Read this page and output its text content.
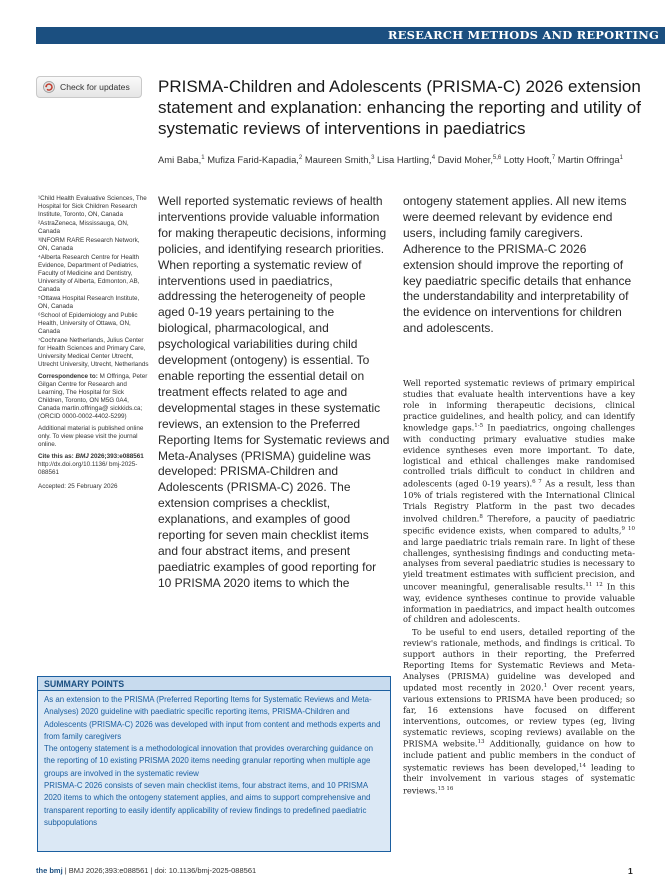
RESEARCH METHODS AND REPORTING
Check for updates PRISMA-Children and Adolescents (PRISMA-C) 2026 extension statement and explanation: enhancing the reporting and utility of systematic reviews of interventions in paediatrics
Ami Baba,$^1$ Mufiza Farid-Kapadia,$^2$ Maureen Smith,$^3$ Lisa Hartling,$^4$ David Moher,$^{5,6}$ Lotty Hooft,$^7$ Martin Offringa$^1$

¹Child Health Evaluative Sciences, The Hospital for Sick Children Research Institute, Toronto, ON, Canada

²AstraZeneca, Mississauga, ON, Canada

³INFORM RARE Research Network, ON, Canada

⁴Alberta Research Centre for Health Evidence, Department of Pediatrics, Faculty of Medicine and Dentistry, University of Alberta, Edmonton, AB, Canada

⁵Ottawa Hospital Research Institute, ON, Canada

⁶School of Epidemiology and Public Health, University of Ottawa, ON, Canada

⁷Cochrane Netherlands, Julius Center for Health Sciences and Primary Care, University Medical Center Utrecht, Utrecht University, Utrecht, Netherlands

Correspondence to: M Offringa, Peter Gilgan Centre for Research and Learning, The Hospital for Sick Children, Toronto, ON M5G 0A4, Canada martin.offringa@ sickkids.ca;
(ORCID 0000-0002-4402-5299)

Additional material is published online only. To view please visit the journal online.

Cite this as: BMJ 2026;393:e088561
http://dx.doi.org/10.1136/ bmj-2025-088561

Accepted: 25 February 2026

Well reported systematic reviews of health interventions provide valuable information for making therapeutic decisions, informing policies, and identifying research priorities. When reporting a systematic review of interventions used in paediatrics, addressing the heterogeneity of people aged 0-19 years pertaining to the biological, pharmacological, and psychological variabilities during child development (ontogeny) is essential. To enable reporting the essential detail on treatment effects related to age and developmental stages in these systematic reviews, an extension to the Preferred Reporting Items for Systematic reviews and Meta-Analyses (PRISMA) guideline was developed: PRISMA-Children and Adolescents (PRISMA-C) 2026. The extension comprises a checklist, explanations, and examples of good reporting for seven main checklist items and four abstract items, and present paediatric examples of good reporting for 10 PRISMA 2020 items to which the

ontogeny statement applies. All new items were deemed relevant by evidence end users, including family caregivers. Adherence to the PRISMA-C 2026 extension should improve the reporting of key paediatric specific details that enhance the understandability and interpretability of the evidence on interventions for children and adolescents.

Well reported systematic reviews of primary empirical studies that evaluate health interventions have a key role in informing therapeutic decisions, clinical practice guidelines, and health policy, and can identify knowledge gaps.$^{1-5}$ In paediatrics, ongoing challenges with conducting primary evaluative studies make evidence syntheses even more important. To date, logistical and ethical challenges make randomised controlled trials difficult to conduct in children and adolescents (aged 0-19 years).$^{6 7}$ As a result, less than 10% of trials registered with the International Clinical Trials Registry Platform in the past two decades involved children.$^8$ Therefore, a paucity of paediatric specific evidence exists, when compared to adults,$^{9 10}$ and large paediatric trials remain rare. In light of these challenges, synthesising findings and conducting meta-analyses from several paediatric studies is necessary to yield treatment estimates with sufficient precision, and uncover meaningful, generalisable results.$^{11 12}$ In this way, evidence syntheses continue to provide valuable information in paediatrics, and impact health outcomes of children and adolescents.

To be useful to end users, detailed reporting of the review's rationale, methods, and findings is critical. To support authors in their reporting, the Preferred Reporting Items for Systematic Reviews and Meta-Analyses (PRISMA) guideline was developed and updated most recently in 2020.$^1$ Over recent years, various extensions to PRISMA have been produced; so far, 16 extensions have focused on different interventions, outcomes, or review types (eg, living systematic reviews, scoping reviews) available on the PRISMA website.$^{13}$ Additionally, guidance on how to include patient and public members in the conduct of systematic reviews has been developed,$^{14}$ leading to their involvement in various stages of systematic reviews.$^{15 16}$

SUMMARY POINTS

As an extension to the PRISMA (Preferred Reporting Items for Systematic Reviews and Meta-Analyses) 2020 guideline with paediatric specific reporting items, PRISMA-Children and Adolescents (PRISMA-C) 2026 was developed with input from content and methods experts and from family caregivers

The ontogeny statement is a methodological innovation that provides overarching guidance on the reporting of 10 existing PRISMA 2020 items needing granular reporting when multiple age groups are involved in the systematic review

PRISMA-C 2026 consists of seven main checklist items, four abstract items, and 10 PRISMA 2020 items to which the ontogeny statement applies, and aims to support comprehensive and transparent reporting to easily identify applicability of review findings to predefined paediatric subpopulations

the bmj | BMJ 2026;393:e088561 | doi: 10.1136/bmj-2025-088561	1
